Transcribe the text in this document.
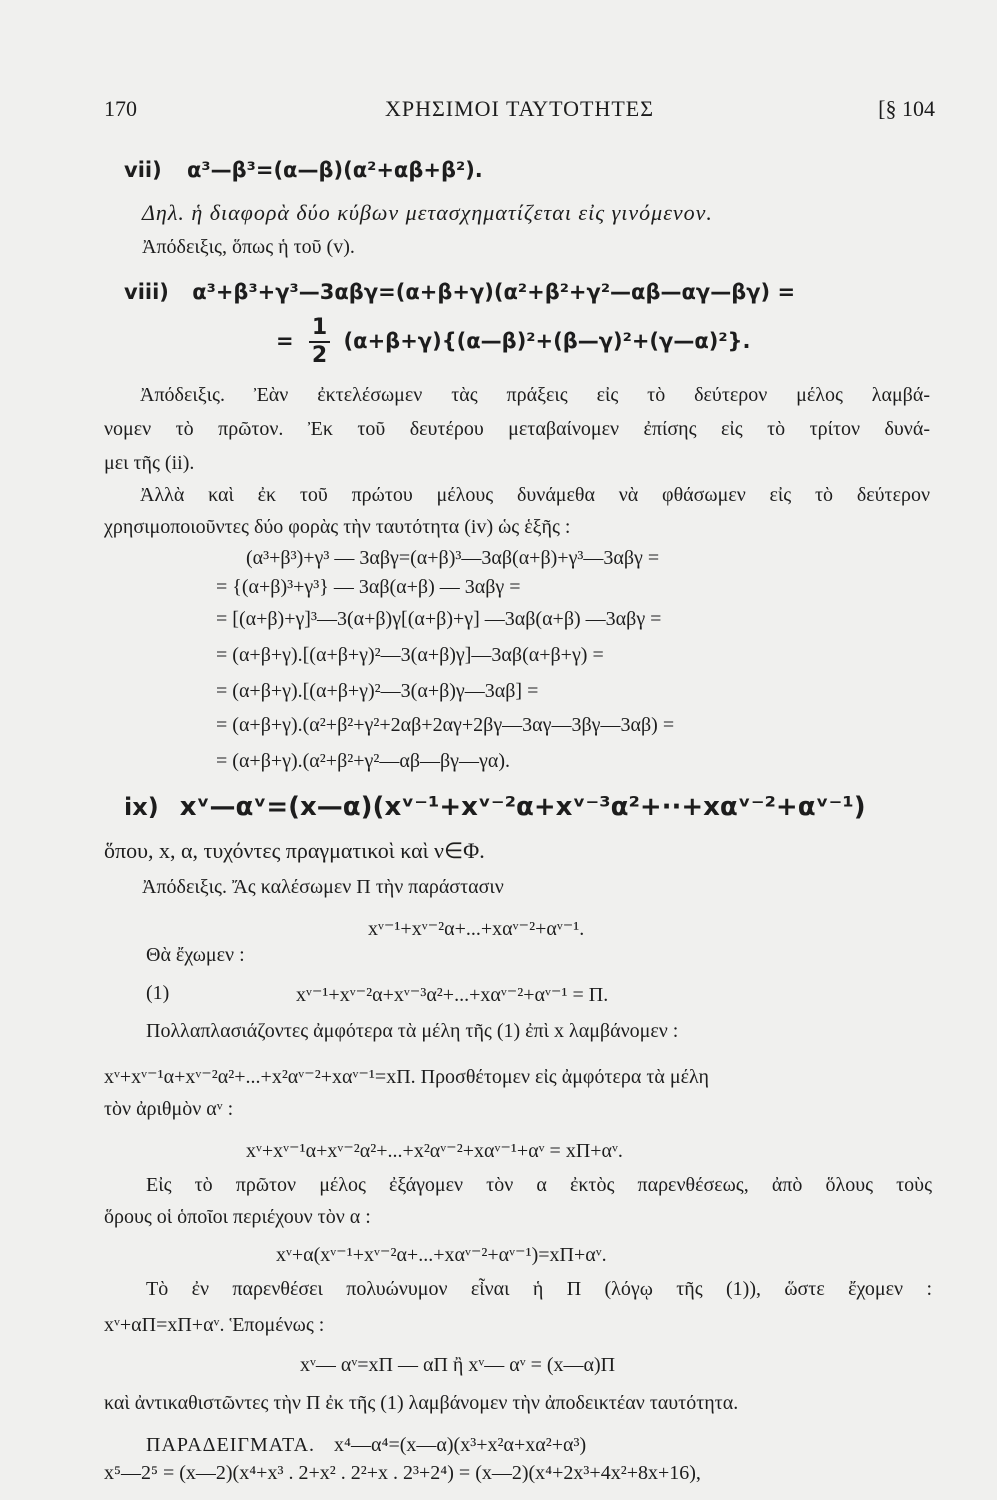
170	ΧΡΗΣΙΜΟΙ ΤΑΥΤΟΤΗΤΕΣ	[§ 104
vii) α³—β³=(α—β)(α²+αβ+β²).
Δηλ. ἡ διαφορὰ δύο κύβων μετασχηματίζεται εἰς γινόμενον.
Ἀπόδειξις, ὅπως ἡ τοῦ (v).
viii) α³+β³+γ³—3αβγ=(α+β+γ)(α²+β²+γ²—αβ—αγ—βγ) =
= $\frac{1}{2}$ (α+β+γ){(α—β)²+(β—γ)²+(γ—α)²}.
Ἀπόδειξις. Ἐὰν ἐκτελέσωμεν τὰς πράξεις εἰς τὸ δεύτερον μέλος λαμβά-
νομεν τὸ πρῶτον. Ἐκ τοῦ δευτέρου μεταβαίνομεν ἐπίσης εἰς τὸ τρίτον δυνά-
μει τῆς (ii).
Ἀλλὰ καὶ ἐκ τοῦ πρώτου μέλους δυνάμεθα νὰ φθάσωμεν εἰς τὸ δεύτερον
χρησιμοποιοῦντες δύο φορὰς τὴν ταυτότητα (iv) ὡς ἑξῆς :
(α³+β³)+γ³ — 3αβγ=(α+β)³—3αβ(α+β)+γ³—3αβγ =
= {(α+β)³+γ³} — 3αβ(α+β) — 3αβγ =
= [(α+β)+γ]³—3(α+β)γ[(α+β)+γ] —3αβ(α+β) —3αβγ =
= (α+β+γ).[(α+β+γ)²—3(α+β)γ]—3αβ(α+β+γ) =
= (α+β+γ).[(α+β+γ)²—3(α+β)γ—3αβ] =
= (α+β+γ).(α²+β²+γ²+2αβ+2αγ+2βγ—3αγ—3βγ—3αβ) =
= (α+β+γ).(α²+β²+γ²—αβ—βγ—γα).
ix) xᵛ—αᵛ=(x—α)(xᵛ⁻¹+xᵛ⁻²α+xᵛ⁻³α²+··+xαᵛ⁻²+αᵛ⁻¹)
ὅπου, x, α, τυχόντες πραγματικοὶ καὶ ν∈Φ.
Ἀπόδειξις. Ἄς καλέσωμεν Π τὴν παράστασιν
xᵛ⁻¹+xᵛ⁻²α+...+xαᵛ⁻²+αᵛ⁻¹.
Θὰ ἔχωμεν :
(1)	xᵛ⁻¹+xᵛ⁻²α+xᵛ⁻³α²+...+xαᵛ⁻²+αᵛ⁻¹ = Π.
Πολλαπλασιάζοντες ἀμφότερα τὰ μέλη τῆς (1) ἐπὶ x λαμβάνομεν :
xᵛ+xᵛ⁻¹α+xᵛ⁻²α²+...+x²αᵛ⁻²+xαᵛ⁻¹=xΠ. Προσθέτομεν εἰς ἀμφότερα τὰ μέλη
τὸν ἀριθμὸν αᵛ :
xᵛ+xᵛ⁻¹α+xᵛ⁻²α²+...+x²αᵛ⁻²+xαᵛ⁻¹+αᵛ = xΠ+αᵛ.
Εἰς τὸ πρῶτον μέλος ἐξάγομεν τὸν α ἐκτὸς παρενθέσεως, ἀπὸ ὅλους τοὺς
ὅρους οἱ ὁποῖοι περιέχουν τὸν α :
xᵛ+α(xᵛ⁻¹+xᵛ⁻²α+...+xαᵛ⁻²+αᵛ⁻¹)=xΠ+αᵛ.
Τὸ ἐν παρενθέσει πολυώνυμον εἶναι ἡ Π (λόγῳ τῆς (1)), ὥστε ἔχομεν :
xᵛ+αΠ=xΠ+αᵛ. Ἑπομένως :
xᵛ— αᵛ=xΠ — αΠ ἢ xᵛ— αᵛ = (x—α)Π
καὶ ἀντικαθιστῶντες τὴν Π ἐκ τῆς (1) λαμβάνομεν τὴν ἀποδεικτέαν ταυτότητα.
ΠΑΡΑΔΕΙΓΜΑΤΑ. x⁴—α⁴=(x—α)(x³+x²α+xα²+α³)
x⁵—2⁵ = (x—2)(x⁴+x³ . 2+x² . 2²+x . 2³+2⁴) = (x—2)(x⁴+2x³+4x²+8x+16),
